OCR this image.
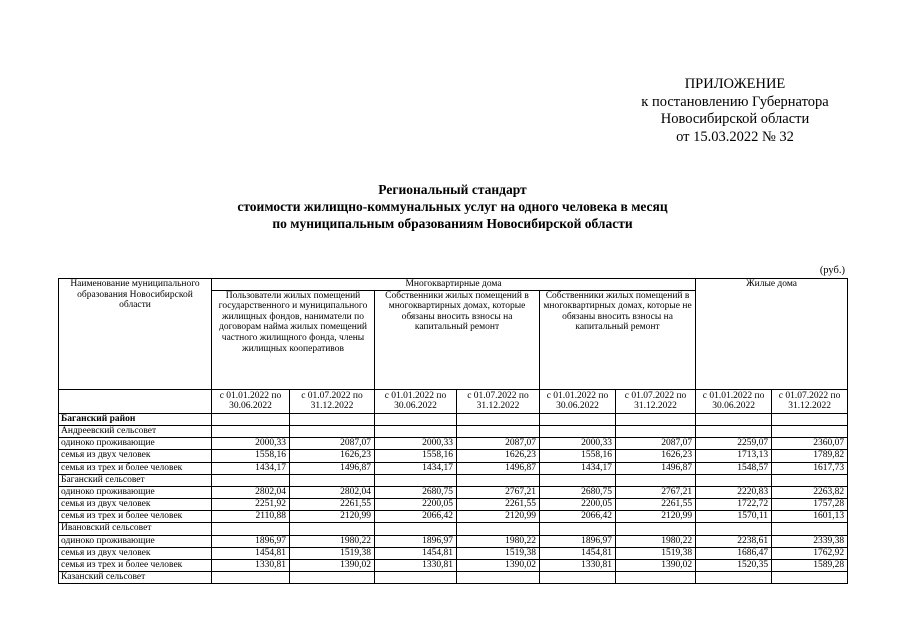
ПРИЛОЖЕНИЕ
к постановлению Губернатора
Новосибирской области
от 15.03.2022 № 32
Региональный стандарт
стоимости жилищно-коммунальных услуг на одного человека в месяц
по муниципальным образованиям Новосибирской области
(руб.)
Наименование муниципального образования Новосибирской области	Многоквартирные дома						Жилые дома	
	Пользователи жилых помещений государственного и муниципального жилищных фондов, наниматели по договорам найма жилых помещений частного жилищного фонда, члены жилищных кооперативов		Собственники жилых помещений в многоквартирных домах, которые обязаны вносить взносы на капитальный ремонт		Собственники жилых помещений в многоквартирных домах, которые не обязаны вносить взносы на капитальный ремонт			
	с 01.01.2022 по 30.06.2022	с 01.07.2022 по 31.12.2022	с 01.01.2022 по 30.06.2022	с 01.07.2022 по 31.12.2022	с 01.01.2022 по 30.06.2022	с 01.07.2022 по 31.12.2022	с 01.01.2022 по 30.06.2022	с 01.07.2022 по 31.12.2022
Баганский район								
Андреевский сельсовет								
одиноко проживающие	2000,33	2087,07	2000,33	2087,07	2000,33	2087,07	2259,07	2360,07
семья из двух человек	1558,16	1626,23	1558,16	1626,23	1558,16	1626,23	1713,13	1789,82
семья из трех и более человек	1434,17	1496,87	1434,17	1496,87	1434,17	1496,87	1548,57	1617,73
Баганский сельсовет								
одиноко проживающие	2802,04	2802,04	2680,75	2767,21	2680,75	2767,21	2220,83	2263,82
семья из двух человек	2251,92	2261,55	2200,05	2261,55	2200,05	2261,55	1722,72	1757,28
семья из трех и более человек	2110,88	2120,99	2066,42	2120,99	2066,42	2120,99	1570,11	1601,13
Ивановский сельсовет								
одиноко проживающие	1896,97	1980,22	1896,97	1980,22	1896,97	1980,22	2238,61	2339,38
семья из двух человек	1454,81	1519,38	1454,81	1519,38	1454,81	1519,38	1686,47	1762,92
семья из трех и более человек	1330,81	1390,02	1330,81	1390,02	1330,81	1390,02	1520,35	1589,28
Казанский сельсовет								
